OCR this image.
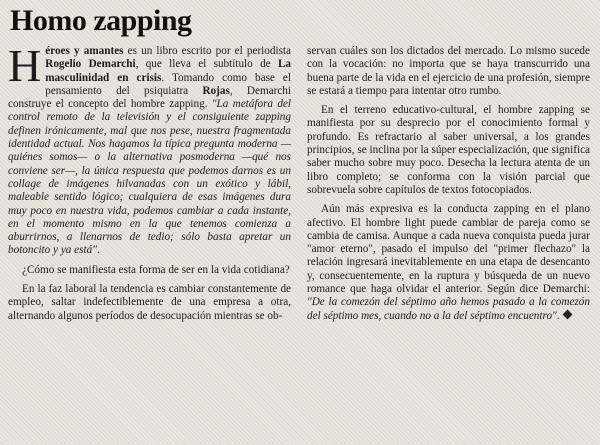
Homo zapping

Héroes y amantes es un libro escrito por el periodista Rogelio Demarchi, que lleva el subtítulo de La masculinidad en crisis. Tomando como base el pensamiento del psiquiatra Rojas, Demarchi construye el concepto del hombre zapping. "La metáfora del control remoto de la televisión y el consiguiente zapping definen irónicamente, mal que nos pese, nuestra fragmentada identidad actual. Nos hagamos la típica pregunta moderna —quiénes somos— o la alternativa posmoderna —qué nos conviene ser—, la única respuesta que podemos darnos es un collage de imágenes hilvanadas con un exótico y lábil, maleable sentido lógico; cualquiera de esas imágenes dura muy poco en nuestra vida, podemos cambiar a cada instante, en el momento mismo en la que tenemos comienza a aburrirnos, a llenarnos de tedio; sólo basta apretar un botoncito y ya está".

¿Cómo se manifiesta esta forma de ser en la vida cotidiana?

En la faz laboral la tendencia es cambiar constantemente de empleo, saltar indefectiblemente de una empresa a otra, alternando algunos períodos de desocupación mientras se ob-

servan cuáles son los dictados del mercado. Lo mismo sucede con la vocación: no importa que se haya transcurrido una buena parte de la vida en el ejercicio de una profesión, siempre se estará a tiempo para intentar otro rumbo.

En el terreno educativo-cultural, el hombre zapping se manifiesta por su desprecio por el conocimiento formal y profundo. Es refractario al saber universal, a los grandes principios, se inclina por la súper especialización, que significa saber mucho sobre muy poco. Desecha la lectura atenta de un libro completo; se conforma con la visión parcial que sobrevuela sobre capítulos de textos fotocopiados.

Aún más expresiva es la conducta zapping en el plano afectivo. El hombre light puede cambiar de pareja como se cambia de camisa. Aunque a cada nueva conquista pueda jurar "amor eterno", pasado el impulso del "primer flechazo" la relación ingresará inevitablemente en una etapa de desencanto y, consecuentemente, en la ruptura y búsqueda de un nuevo romance que haga olvidar el anterior. Según dice Demarchi: "De la comezón del séptimo año hemos pasado a la comezón del séptimo mes, cuando no a la del séptimo encuentro".
